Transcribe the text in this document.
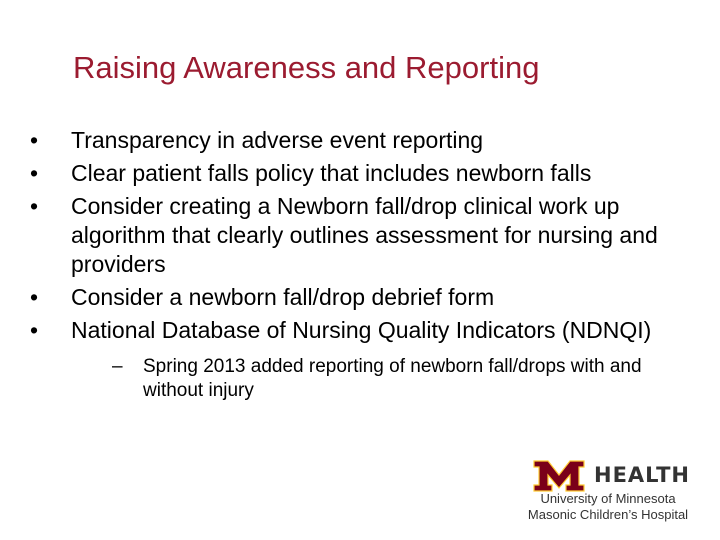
Raising Awareness and Reporting
•	Transparency in adverse event reporting
•	Clear patient falls policy that includes newborn falls
•	Consider creating a Newborn fall/drop clinical work up algorithm that clearly outlines assessment for nursing and providers
•	Consider a newborn fall/drop debrief form
•	National Database of Nursing Quality Indicators (NDNQI)
– Spring 2013 added reporting of newborn fall/drops with and without injury
HEALTH
University of Minnesota
Masonic Children’s Hospital
